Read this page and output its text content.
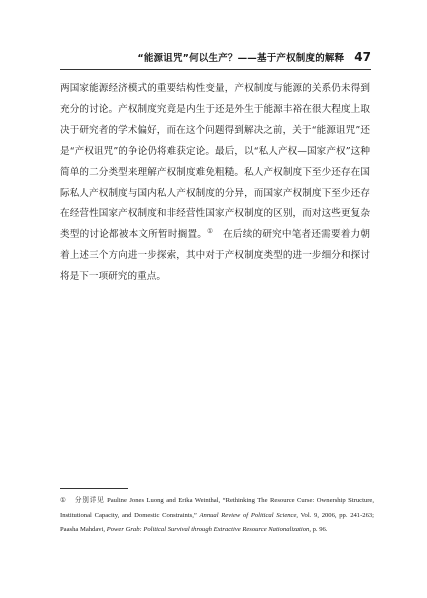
“能源诅咒”何以生产？——基于产权制度的解释 47

两国家能源经济模式的重要结构性变量，产权制度与能源的关系仍未得到充分的讨论。产权制度究竟是内生于还是外生于能源丰裕在很大程度上取决于研究者的学术偏好，而在这个问题得到解决之前，关于“能源诅咒”还是“产权诅咒”的争论仍将难获定论。最后，以“私人产权—国家产权”这种简单的二分类型来理解产权制度难免粗糙。私人产权制度下至少还存在国际私人产权制度与国内私人产权制度的分异，而国家产权制度下至少还存在经营性国家产权制度和非经营性国家产权制度的区别，而对这些更复杂类型的讨论都被本文所暂时搁置。① 在后续的研究中笔者还需要着力朝着上述三个方向进一步探索，其中对于产权制度类型的进一步细分和探讨将是下一项研究的重点。

① 分别详见 Pauline Jones Luong and Erika Weinthal, “Rethinking The Resource Curse: Ownership Structure, Institutional Capacity, and Domestic Constraints,” Annual Review of Political Science, Vol. 9, 2006, pp. 241-263; Paasha Mahdavi, Power Grab: Political Survival through Extractive Resource Nationalization, p. 96.
